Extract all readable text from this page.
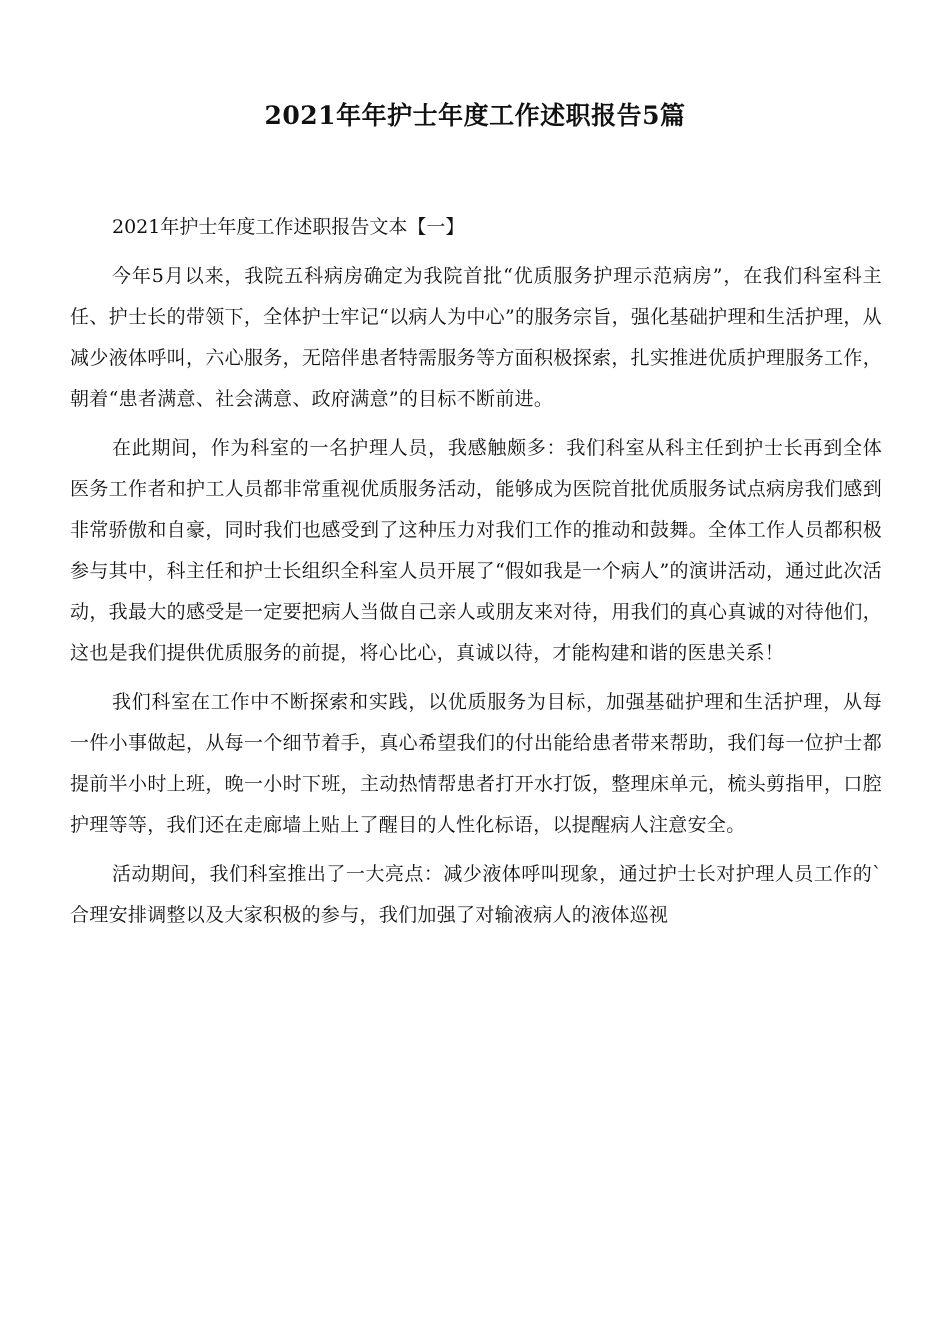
2021年年护士年度工作述职报告5篇

2021年护士年度工作述职报告文本【一】

今年5月以来，我院五科病房确定为我院首批“优质服务护理示范病房”，在我们科室科主任、护士长的带领下，全体护士牢记“以病人为中心”的服务宗旨，强化基础护理和生活护理，从减少液体呼叫，六心服务，无陪伴患者特需服务等方面积极探索，扎实推进优质护理服务工作，朝着“患者满意、社会满意、政府满意”的目标不断前进。

在此期间，作为科室的一名护理人员，我感触颇多：我们科室从科主任到护士长再到全体医务工作者和护工人员都非常重视优质服务活动，能够成为医院首批优质服务试点病房我们感到非常骄傲和自豪，同时我们也感受到了这种压力对我们工作的推动和鼓舞。全体工作人员都积极参与其中，科主任和护士长组织全科室人员开展了“假如我是一个病人”的演讲活动，通过此次活动，我最大的感受是一定要把病人当做自己亲人或朋友来对待，用我们的真心真诚的对待他们，这也是我们提供优质服务的前提，将心比心，真诚以待，才能构建和谐的医患关系！

我们科室在工作中不断探索和实践，以优质服务为目标，加强基础护理和生活护理，从每一件小事做起，从每一个细节着手，真心希望我们的付出能给患者带来帮助，我们每一位护士都提前半小时上班，晚一小时下班，主动热情帮患者打开水打饭，整理床单元，梳头剪指甲，口腔护理等等，我们还在走廊墙上贴上了醒目的人性化标语，以提醒病人注意安全。

活动期间，我们科室推出了一大亮点：减少液体呼叫现象，通过护士长对护理人员工作的`合理安排调整以及大家积极的参与，我们加强了对输液病人的液体巡视
